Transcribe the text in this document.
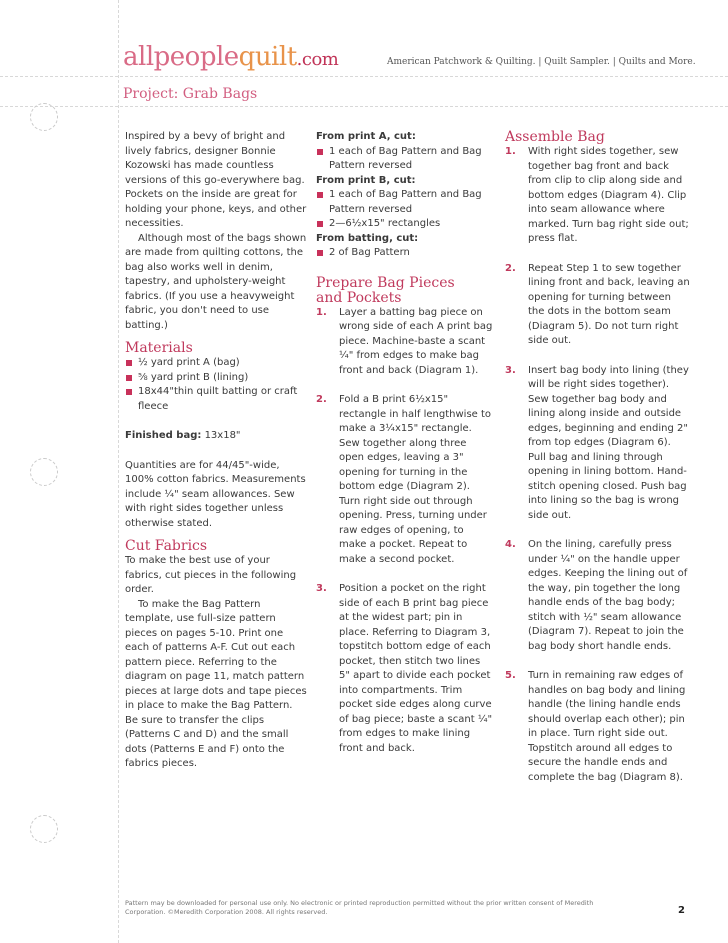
allpeoplequilt.com	American Patchwork & Quilting. | Quilt Sampler. | Quilts and More.
Project: Grab Bags

Inspired by a bevy of bright and lively fabrics, designer Bonnie Kozowski has made countless versions of this go-everywhere bag. Pockets on the inside are great for holding your phone, keys, and other necessities.

Although most of the bags shown are made from quilting cottons, the bag also works well in denim, tapestry, and upholstery-weight fabrics. (If you use a heavyweight fabric, you don't need to use batting.)

Materials
½ yard print A (bag)
⅝ yard print B (lining)
18x44"thin quilt batting or craft fleece

Finished bag: 13x18"

Quantities are for 44/45"-wide, 100% cotton fabrics. Measurements include ¼" seam allowances. Sew with right sides together unless otherwise stated.

Cut Fabrics

To make the best use of your fabrics, cut pieces in the following order.

To make the Bag Pattern template, use full-size pattern pieces on pages 5-10. Print one each of patterns A-F. Cut out each pattern piece. Referring to the diagram on page 11, match pattern pieces at large dots and tape pieces in place to make the Bag Pattern. Be sure to transfer the clips (Patterns C and D) and the small dots (Patterns E and F) onto the fabrics pieces.

From print A, cut:

1 each of Bag Pattern and Bag Pattern reversed

From print B, cut:

1 each of Bag Pattern and Bag Pattern reversed
2—6½x15" rectangles

From batting, cut:

2 of Bag Pattern
Prepare Bag Pieces
and Pockets
1. Layer a batting bag piece on wrong side of each A print bag piece. Machine-baste a scant ¼" from edges to make bag front and back (Diagram 1).
2. Fold a B print 6½x15" rectangle in half lengthwise to make a 3¼x15" rectangle. Sew together along three open edges, leaving a 3" opening for turning in the bottom edge (Diagram 2). Turn right side out through opening. Press, turning under raw edges of opening, to make a pocket. Repeat to make a second pocket.
3. Position a pocket on the right side of each B print bag piece at the widest part; pin in place. Referring to Diagram 3, topstitch bottom edge of each pocket, then stitch two lines 5" apart to divide each pocket into compartments. Trim pocket side edges along curve of bag piece; baste a scant ¼" from edges to make lining front and back.
Assemble Bag
1. With right sides together, sew together bag front and back from clip to clip along side and bottom edges (Diagram 4). Clip into seam allowance where marked. Turn bag right side out; press flat.
2. Repeat Step 1 to sew together lining front and back, leaving an opening for turning between the dots in the bottom seam (Diagram 5). Do not turn right side out.
3. Insert bag body into lining (they will be right sides together). Sew together bag body and lining along inside and outside edges, beginning and ending 2" from top edges (Diagram 6). Pull bag and lining through opening in lining bottom. Hand-stitch opening closed. Push bag into lining so the bag is wrong side out.
4. On the lining, carefully press under ¼" on the handle upper edges. Keeping the lining out of the way, pin together the long handle ends of the bag body; stitch with ½" seam allowance (Diagram 7). Repeat to join the bag body short handle ends.
5. Turn in remaining raw edges of handles on bag body and lining handle (the lining handle ends should overlap each other); pin in place. Turn right side out. Topstitch around all edges to secure the handle ends and complete the bag (Diagram 8).
Pattern may be downloaded for personal use only. No electronic or printed reproduction permitted without the prior written consent of Meredith Corporation. ©Meredith Corporation 2008. All rights reserved.	2
